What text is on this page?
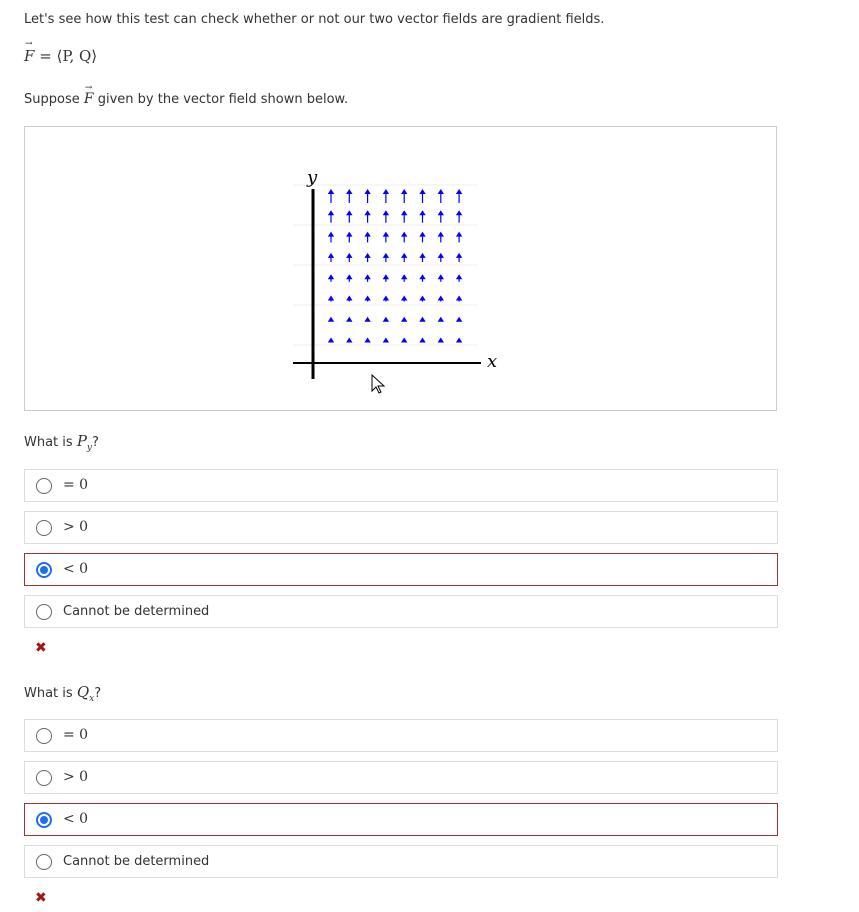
Let's see how this test can check whether or not our two vector fields are gradient fields.
→ F = ⟨P, Q⟩
Suppose → F given by the vector field shown below.
y
x
What is $P_y$?
= 0
> 0
< 0
Cannot be determined
✖
What is $Q_x$?
= 0
> 0
< 0
Cannot be determined
✖
